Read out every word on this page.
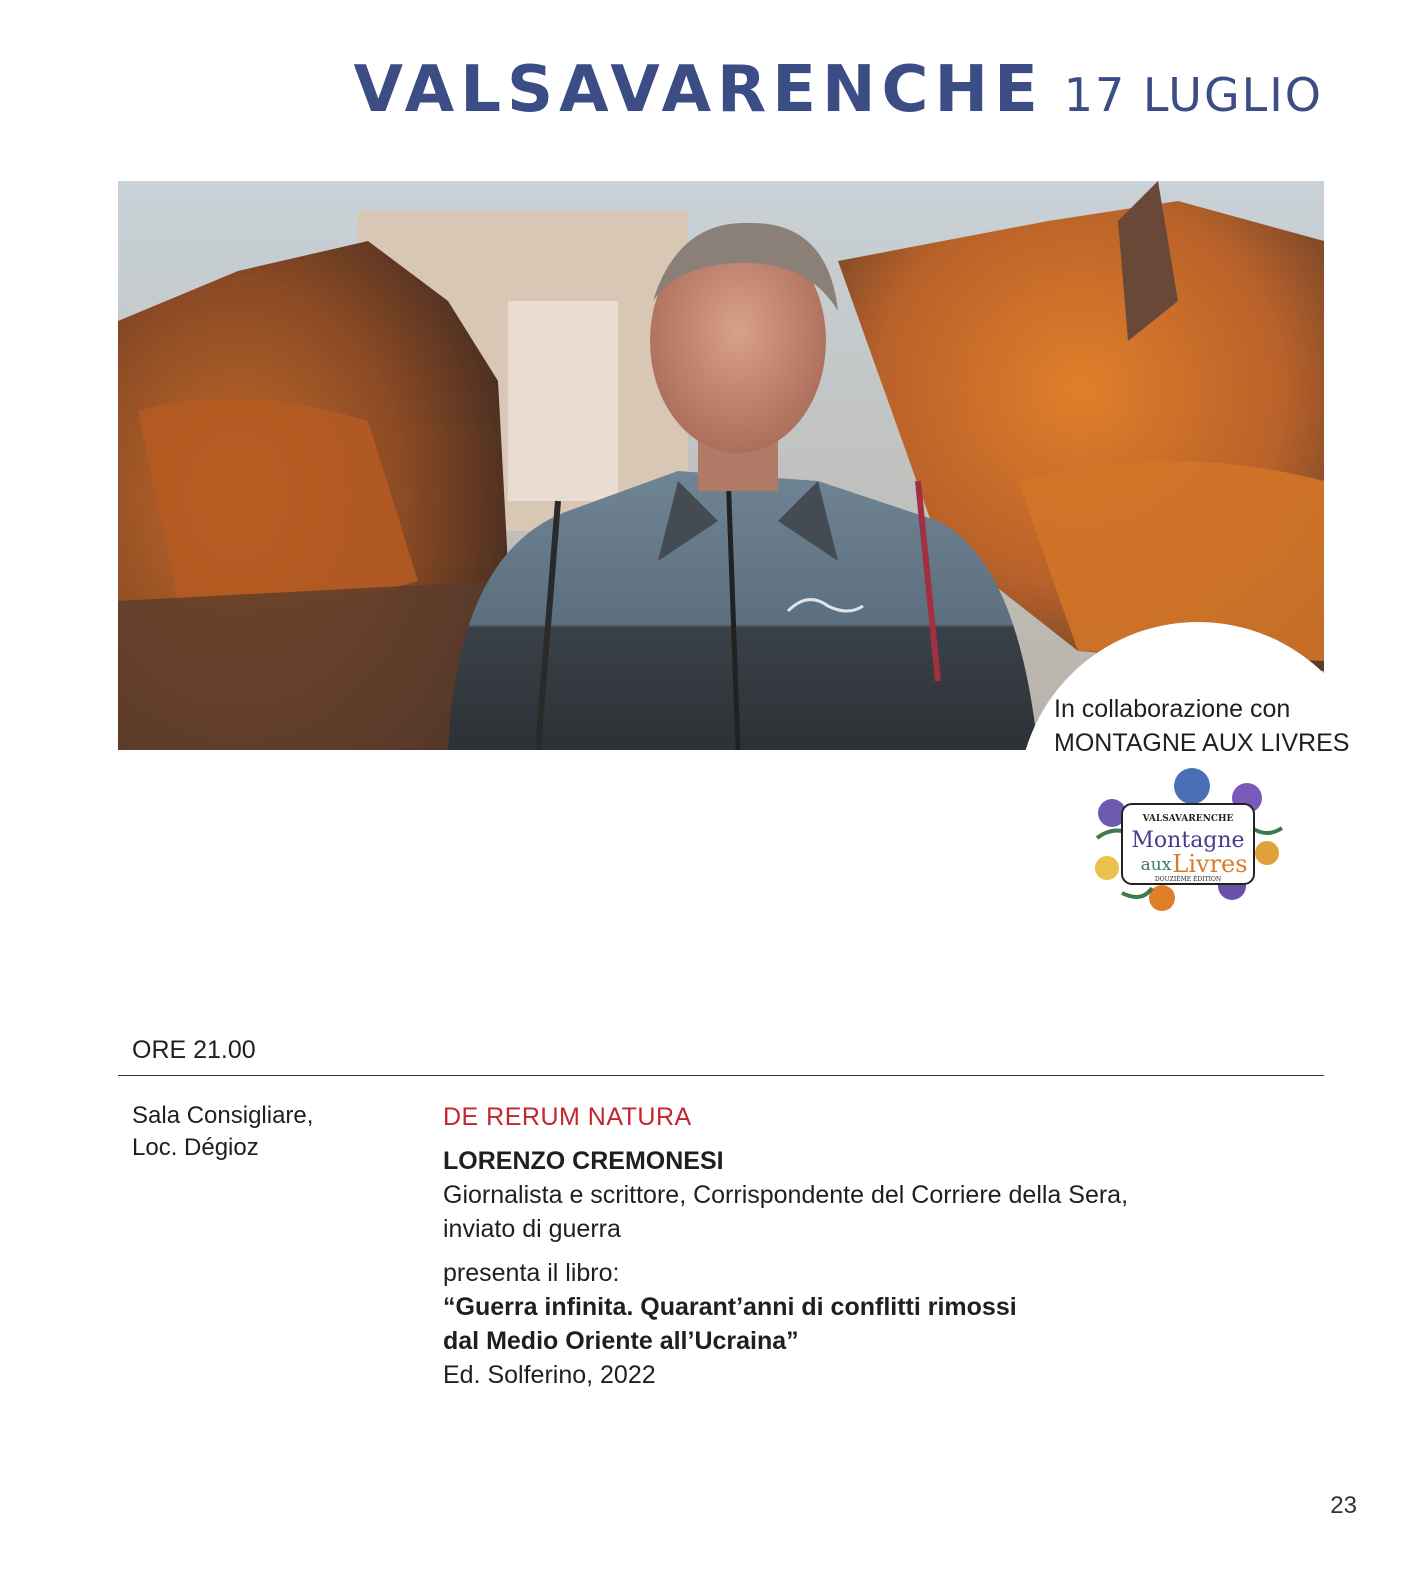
VALSAVARENCHE 17 LUGLIO
In collaborazione con
MONTAGNE AUX LIVRES
VALSAVARENCHE
Montagne
aux Livres
DOUZIÈME ÉDITION
ORE 21.00
Sala Consigliare,
Loc. Dégioz
DE RERUM NATURA
LORENZO CREMONESI
Giornalista e scrittore, Corrispondente del Corriere della Sera,
inviato di guerra
presenta il libro:
“Guerra infinita. Quarant’anni di conflitti rimossi
dal Medio Oriente all’Ucraina”
Ed. Solferino, 2022
23
